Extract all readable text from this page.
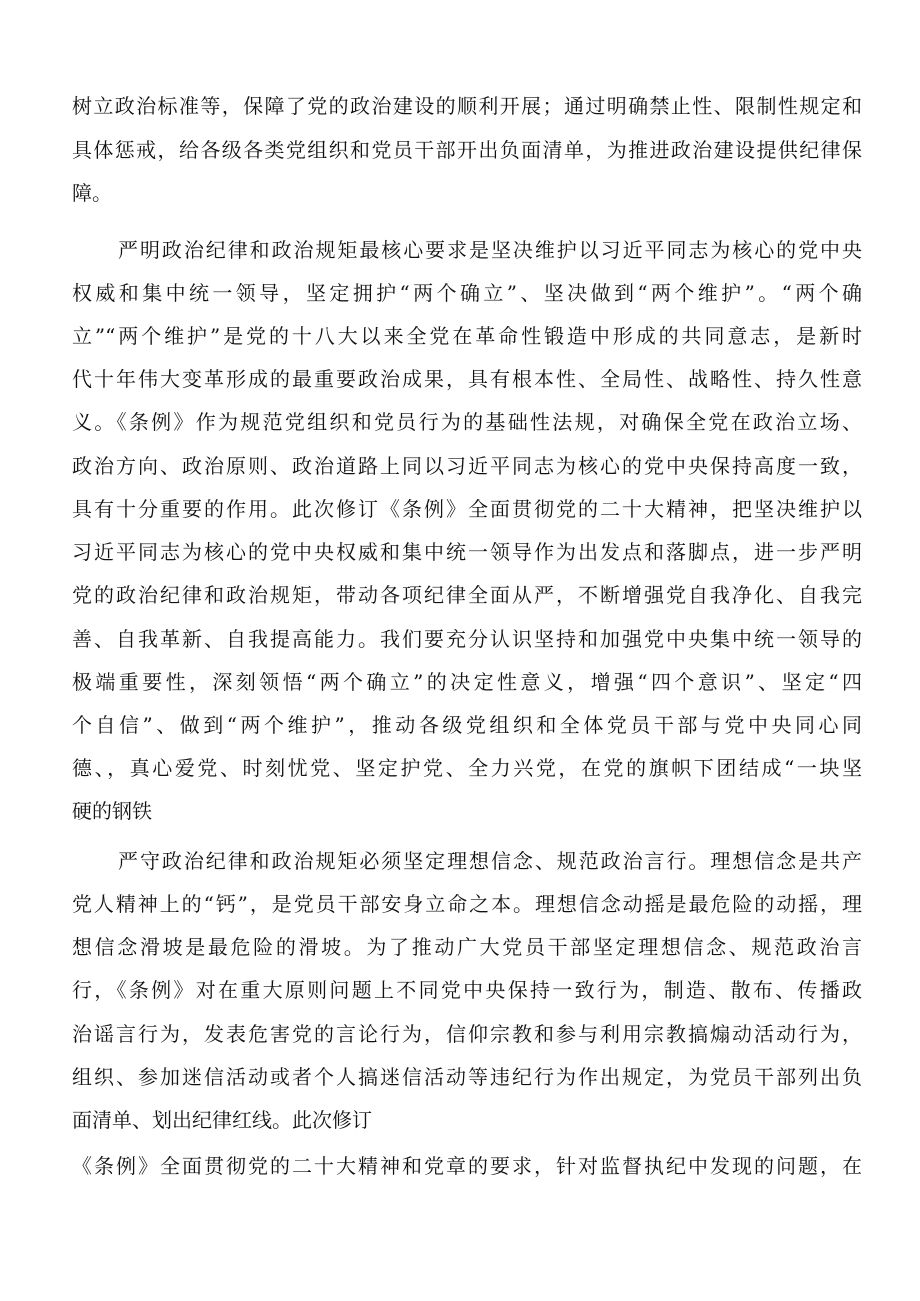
树立政治标准等，保障了党的政治建设的顺利开展；通过明确禁止性、限制性规定和
具体惩戒，给各级各类党组织和党员干部开出负面清单，为推进政治建设提供纪律保
障。
严明政治纪律和政治规矩最核心要求是坚决维护以习近平同志为核心的党中央
权威和集中统一领导，坚定拥护“两个确立”、坚决做到“两个维护”。“两个确
立”“两个维护”是党的十八大以来全党在革命性锻造中形成的共同意志，是新时
代十年伟大变革形成的最重要政治成果，具有根本性、全局性、战略性、持久性意
义。《条例》作为规范党组织和党员行为的基础性法规，对确保全党在政治立场、
政治方向、政治原则、政治道路上同以习近平同志为核心的党中央保持高度一致，
具有十分重要的作用。此次修订《条例》全面贯彻党的二十大精神，把坚决维护以
习近平同志为核心的党中央权威和集中统一领导作为出发点和落脚点，进一步严明
党的政治纪律和政治规矩，带动各项纪律全面从严，不断增强党自我净化、自我完
善、自我革新、自我提高能力。我们要充分认识坚持和加强党中央集中统一领导的
极端重要性，深刻领悟“两个确立”的决定性意义，增强“四个意识”、坚定“四
个自信”、做到“两个维护”，推动各级党组织和全体党员干部与党中央同心同
德、，真心爱党、时刻忧党、坚定护党、全力兴党，在党的旗帜下团结成“一块坚
硬的钢铁
严守政治纪律和政治规矩必须坚定理想信念、规范政治言行。理想信念是共产
党人精神上的“钙”，是党员干部安身立命之本。理想信念动摇是最危险的动摇，理
想信念滑坡是最危险的滑坡。为了推动广大党员干部坚定理想信念、规范政治言
行，《条例》对在重大原则问题上不同党中央保持一致行为，制造、散布、传播政
治谣言行为，发表危害党的言论行为，信仰宗教和参与利用宗教搞煽动活动行为，
组织、参加迷信活动或者个人搞迷信活动等违纪行为作出规定，为党员干部列出负
面清单、划出纪律红线。此次修订
《条例》全面贯彻党的二十大精神和党章的要求，针对监督执纪中发现的问题，在
